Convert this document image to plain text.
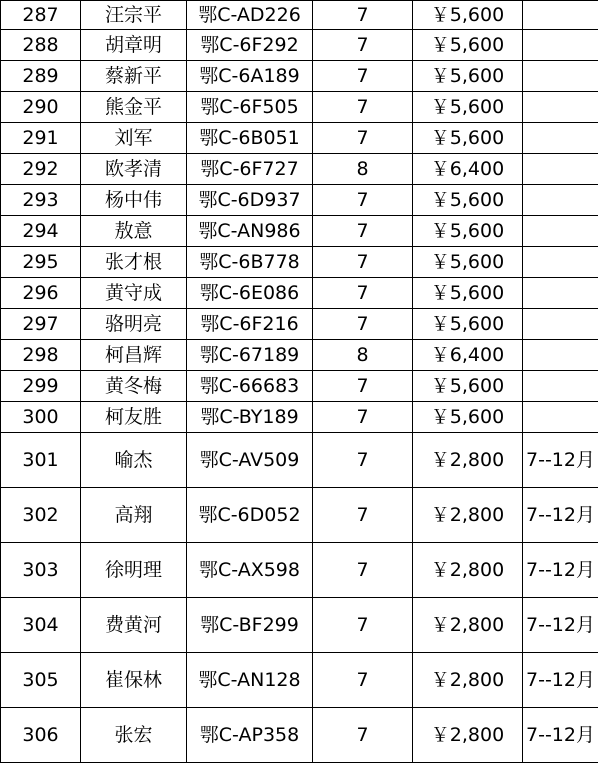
287	汪宗平	鄂C-AD226	7	￥5,600	
288	胡章明	鄂C-6F292	7	￥5,600	
289	蔡新平	鄂C-6A189	7	￥5,600	
290	熊金平	鄂C-6F505	7	￥5,600	
291	刘军	鄂C-6B051	7	￥5,600	
292	欧孝清	鄂C-6F727	8	￥6,400	
293	杨中伟	鄂C-6D937	7	￥5,600	
294	敖意	鄂C-AN986	7	￥5,600	
295	张才根	鄂C-6B778	7	￥5,600	
296	黄守成	鄂C-6E086	7	￥5,600	
297	骆明亮	鄂C-6F216	7	￥5,600	
298	柯昌辉	鄂C-67189	8	￥6,400	
299	黄冬梅	鄂C-66683	7	￥5,600	
300	柯友胜	鄂C-BY189	7	￥5,600	
301	喻杰	鄂C-AV509	7	￥2,800	7--12月
302	高翔	鄂C-6D052	7	￥2,800	7--12月
303	徐明理	鄂C-AX598	7	￥2,800	7--12月
304	费黄河	鄂C-BF299	7	￥2,800	7--12月
305	崔保林	鄂C-AN128	7	￥2,800	7--12月
306	张宏	鄂C-AP358	7	￥2,800	7--12月
